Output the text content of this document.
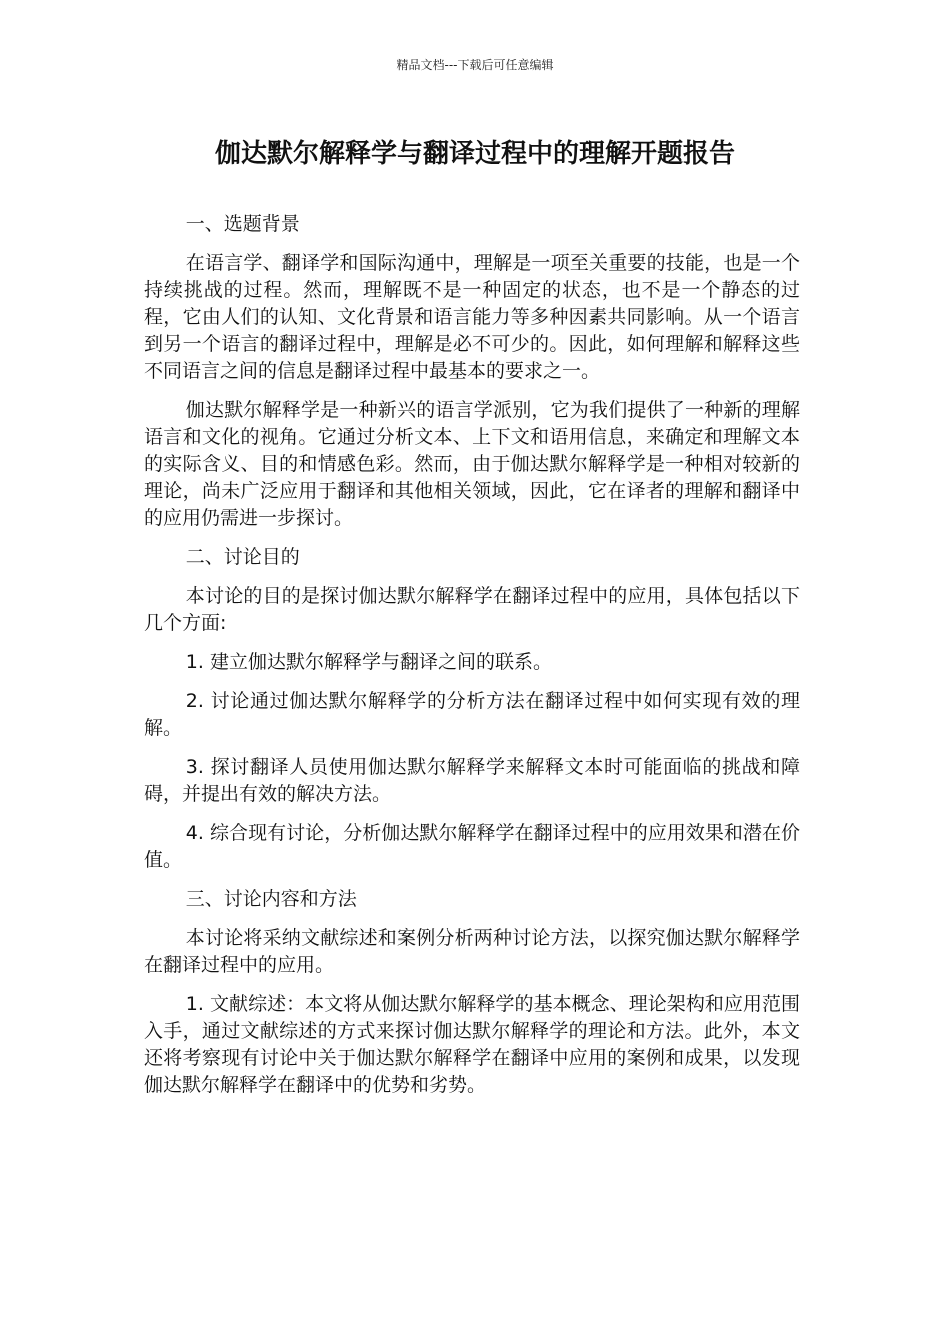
精品文档---下载后可任意编辑
伽达默尔解释学与翻译过程中的理解开题报告

一、选题背景

在语言学、翻译学和国际沟通中，理解是一项至关重要的技能，也是一个持续挑战的过程。然而，理解既不是一种固定的状态，也不是一个静态的过程，它由人们的认知、文化背景和语言能力等多种因素共同影响。从一个语言到另一个语言的翻译过程中，理解是必不可少的。因此，如何理解和解释这些不同语言之间的信息是翻译过程中最基本的要求之一。

伽达默尔解释学是一种新兴的语言学派别，它为我们提供了一种新的理解语言和文化的视角。它通过分析文本、上下文和语用信息，来确定和理解文本的实际含义、目的和情感色彩。然而，由于伽达默尔解释学是一种相对较新的理论，尚未广泛应用于翻译和其他相关领域，因此，它在译者的理解和翻译中的应用仍需进一步探讨。

二、讨论目的

本讨论的目的是探讨伽达默尔解释学在翻译过程中的应用，具体包括以下几个方面:

1. 建立伽达默尔解释学与翻译之间的联系。

2. 讨论通过伽达默尔解释学的分析方法在翻译过程中如何实现有效的理解。

3. 探讨翻译人员使用伽达默尔解释学来解释文本时可能面临的挑战和障碍，并提出有效的解决方法。

4. 综合现有讨论，分析伽达默尔解释学在翻译过程中的应用效果和潜在价值。

三、讨论内容和方法

本讨论将采纳文献综述和案例分析两种讨论方法，以探究伽达默尔解释学在翻译过程中的应用。

1. 文献综述：本文将从伽达默尔解释学的基本概念、理论架构和应用范围入手，通过文献综述的方式来探讨伽达默尔解释学的理论和方法。此外，本文还将考察现有讨论中关于伽达默尔解释学在翻译中应用的案例和成果，以发现伽达默尔解释学在翻译中的优势和劣势。
